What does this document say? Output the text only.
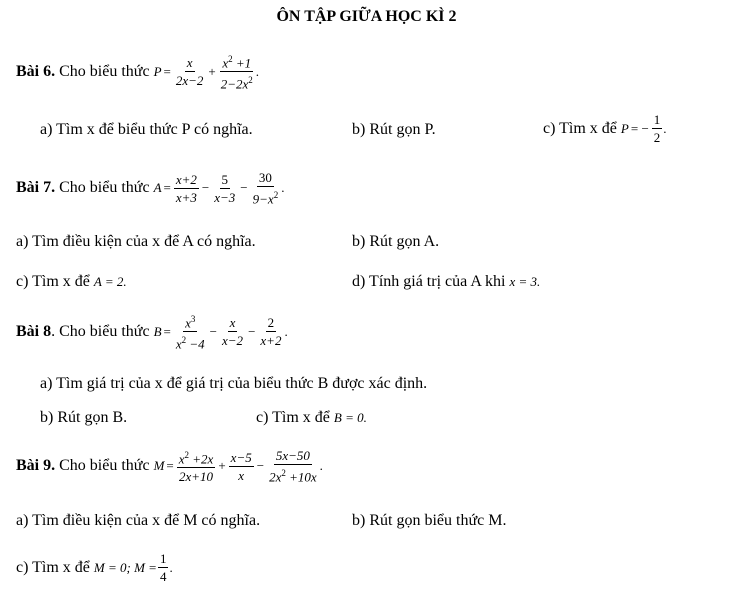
ÔN TẬP GIỮA HỌC KÌ 2
Bài 6.
Cho biểu thức
$P = \frac{x}{2x-2} + \frac{x^2 +1}{2-2x^2}$ .
a) Tìm x để biểu thức P có nghĩa.	b) Rút gọn P.	c) Tìm x để
P = − $\frac{1}{2}$ .
Bài 7.
Cho biểu thức
$A = \frac{x+2}{x+3} - \frac{5}{x-3} - \frac{30}{9-x^2}$ .
a) Tìm điều kiện của x để A có nghĩa.	b) Rút gọn A.
c) Tìm x để
A = 2.	d) Tính giá trị của A khi
x = 3.
Bài 8 . Cho biểu thức
$B = \frac{x^3}{x^2 -4} - \frac{x}{x-2} - \frac{2}{x+2}$ .
a) Tìm giá trị của x để giá trị của biểu thức B được xác định.
b) Rút gọn B.	c) Tìm x để
B = 0.
Bài 9.
Cho biểu thức
$M = \frac{x^2 +2x}{2x+10} + \frac{x-5}{x} - \frac{5x-50}{2x^2 +10x}$ .
a) Tìm điều kiện của x để M có nghĩa.	b) Rút gọn biểu thức M.
c) Tìm x để
M = 0; $M = \frac{1}{4}$ .
